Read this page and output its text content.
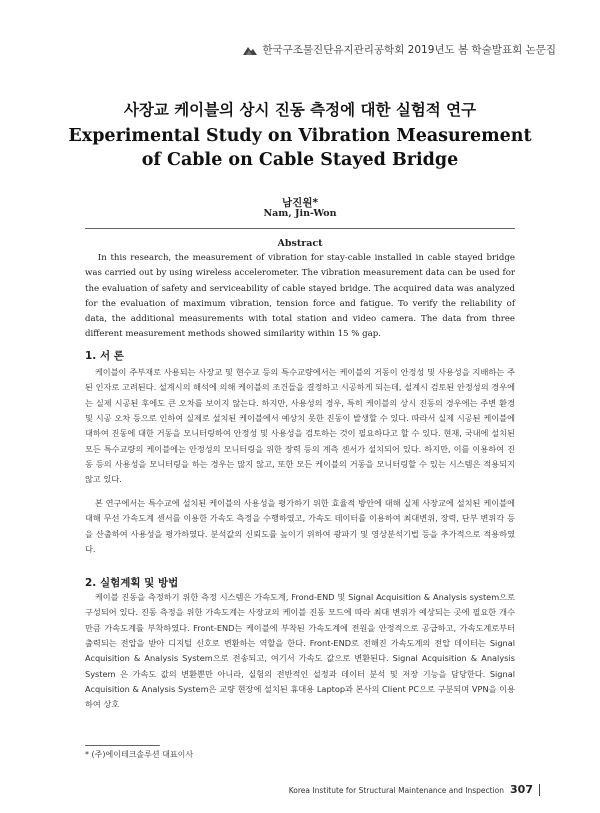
한국구조물진단유지관리공학회 2019년도 봄 학술발표회 논문집
사장교 케이블의 상시 진동 측정에 대한 실험적 연구
Experimental Study on Vibration Measurement of Cable on Cable Stayed Bridge
남진원*
Nam, Jin-Won
Abstract

In this research, the measurement of vibration for stay-cable installed in cable stayed bridge was carried out by using wireless accelerometer. The vibration measurement data can be used for the evaluation of safety and serviceability of cable stayed bridge. The acquired data was analyzed for the evaluation of maximum vibration, tension force and fatigue. To verify the reliability of data, the additional measurements with total station and video camera. The data from three different measurement methods showed similarity within 15 % gap.

1. 서 론

케이블이 주부재로 사용되는 사장교 및 현수교 등의 특수교량에서는 케이블의 거동이 안정성 및 사용성을 지배하는 주된 인자로 고려된다. 설계시의 해석에 의해 케이블의 조건들을 결정하고 시공하게 되는데, 설계시 검토된 안정성의 경우에는 실제 시공된 후에도 큰 오차를 보이지 않는다. 하지만, 사용성의 경우, 특히 케이블의 상시 진동의 경우에는 주변 환경 및 시공 오차 등으로 인하여 실제로 설치된 케이블에서 예상치 못한 진동이 발생할 수 있다. 따라서 실제 시공된 케이블에 대하여 진동에 대한 거동을 모니터링하여 안정성 및 사용성을 검토하는 것이 필요하다고 할 수 있다. 현재, 국내에 설치된 모든 특수교량의 케이블에는 안정성의 모니터링을 위한 장력 등의 계측 센서가 설치되어 있다. 하지만, 이를 이용하여 진동 등의 사용성을 모니터링을 하는 경우는 많지 않고, 또한 모든 케이블의 거동을 모니터링할 수 있는 시스템은 적용되지 않고 있다.

본 연구에서는 특수교에 설치된 케이블의 사용성을 평가하기 위한 효율적 방안에 대해 실제 사장교에 설치된 케이블에 대해 무선 가속도계 센서를 이용한 가속도 측정을 수행하였고, 가속도 데이터를 이용하여 최대변위, 장력, 단부 변위각 등을 산출하여 사용성을 평가하였다. 분석값의 신뢰도를 높이기 위하여 광파기 및 영상분석기법 등을 추가적으로 적용하였다.

2. 실험계획 및 방법

케이블 진동을 측정하기 위한 측정 시스템은 가속도계, Frond-END 및 Signal Acquisition & Analysis system으로 구성되어 있다. 진동 측정을 위한 가속도계는 사장교의 케이블 진동 모드에 따라 최대 변위가 예상되는 곳에 필요한 개수만큼 가속도계를 부착하였다. Front-END는 케이블에 부착된 가속도계에 전원을 안정적으로 공급하고, 가속도계로부터 출력되는 전압을 받아 디지털 신호로 변환하는 역할을 한다. Front-END로 전해진 가속도계의 전압 데이터는 Signal Acquisition & Analysis System으로 전송되고, 여기서 가속도 값으로 변환된다. Signal Acquisition & Analysis System 은 가속도 값의 변환뿐만 아니라, 실험의 전반적인 설정과 데이터 분석 및 저장 기능을 담당한다. Signal Acquisition & Analysis System은 교량 현장에 설치된 휴대용 Laptop과 본사의 Client PC으로 구분되며 VPN을 이용하여 상호

* (주)에이테크솔루션 대표이사
Korea Institute for Structural Maintenance and Inspection 307
